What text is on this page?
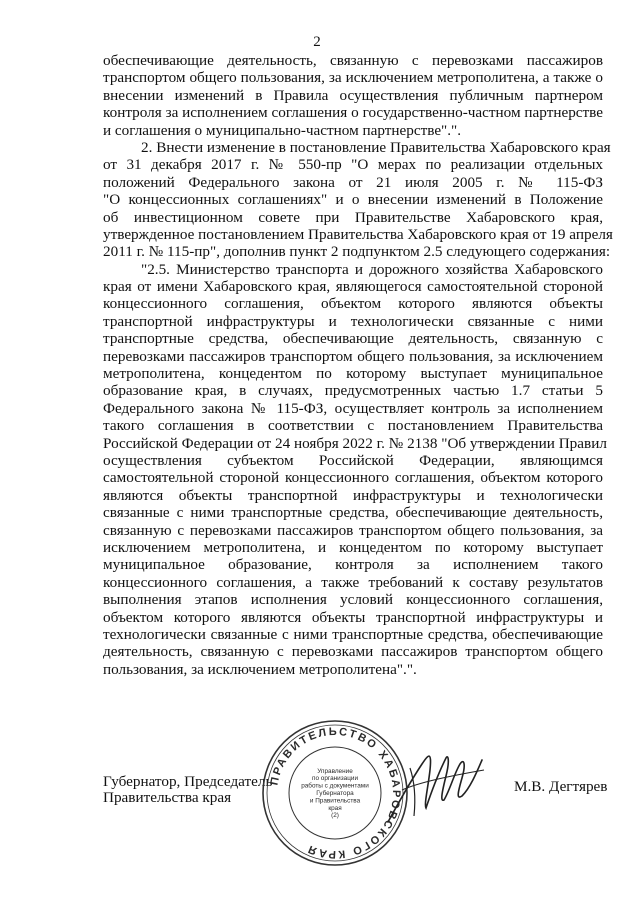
2
обеспечивающие деятельность, связанную с перевозками пассажиров
транспортом общего пользования, за исключением метрополитена, а также о
внесении изменений в Правила осуществления публичным партнером
контроля за исполнением соглашения о государственно-частном партнерстве
и соглашения о муниципально-частном партнерстве".".
2. Внести изменение в постановление Правительства Хабаровского края
от 31 декабря 2017 г. № 550-пр "О мерах по реализации отдельных
положений Федерального закона от 21 июля 2005 г. № 115-ФЗ
"О концессионных соглашениях" и о внесении изменений в Положение
об инвестиционном совете при Правительстве Хабаровского края,
утвержденное постановлением Правительства Хабаровского края от 19 апреля
2011 г. № 115-пр", дополнив пункт 2 подпунктом 2.5 следующего содержания:
"2.5. Министерство транспорта и дорожного хозяйства Хабаровского
края от имени Хабаровского края, являющегося самостоятельной стороной
концессионного соглашения, объектом которого являются объекты
транспортной инфраструктуры и технологически связанные с ними
транспортные средства, обеспечивающие деятельность, связанную с
перевозками пассажиров транспортом общего пользования, за исключением
метрополитена, концедентом по которому выступает муниципальное
образование края, в случаях, предусмотренных частью 1.7 статьи 5
Федерального закона № 115-ФЗ, осуществляет контроль за исполнением
такого соглашения в соответствии с постановлением Правительства
Российской Федерации от 24 ноября 2022 г. № 2138 "Об утверждении Правил
осуществления субъектом Российской Федерации, являющимся
самостоятельной стороной концессионного соглашения, объектом которого
являются объекты транспортной инфраструктуры и технологически
связанные с ними транспортные средства, обеспечивающие деятельность,
связанную с перевозками пассажиров транспортом общего пользования, за
исключением метрополитена, и концедентом по которому выступает
муниципальное образование, контроля за исполнением такого
концессионного соглашения, а также требований к составу результатов
выполнения этапов исполнения условий концессионного соглашения,
объектом которого являются объекты транспортной инфраструктуры и
технологически связанные с ними транспортные средства, обеспечивающие
деятельность, связанную с перевозками пассажиров транспортом общего
пользования, за исключением метрополитена".".
Губернатор, Председатель
Правительства края
ПРАВИТЕЛЬСТВО ХАБАРОВСКОГО КРАЯ
Управление
по организации
работы с документами
Губернатора
и Правительства
края
(2)
М.В. Дегтярев
